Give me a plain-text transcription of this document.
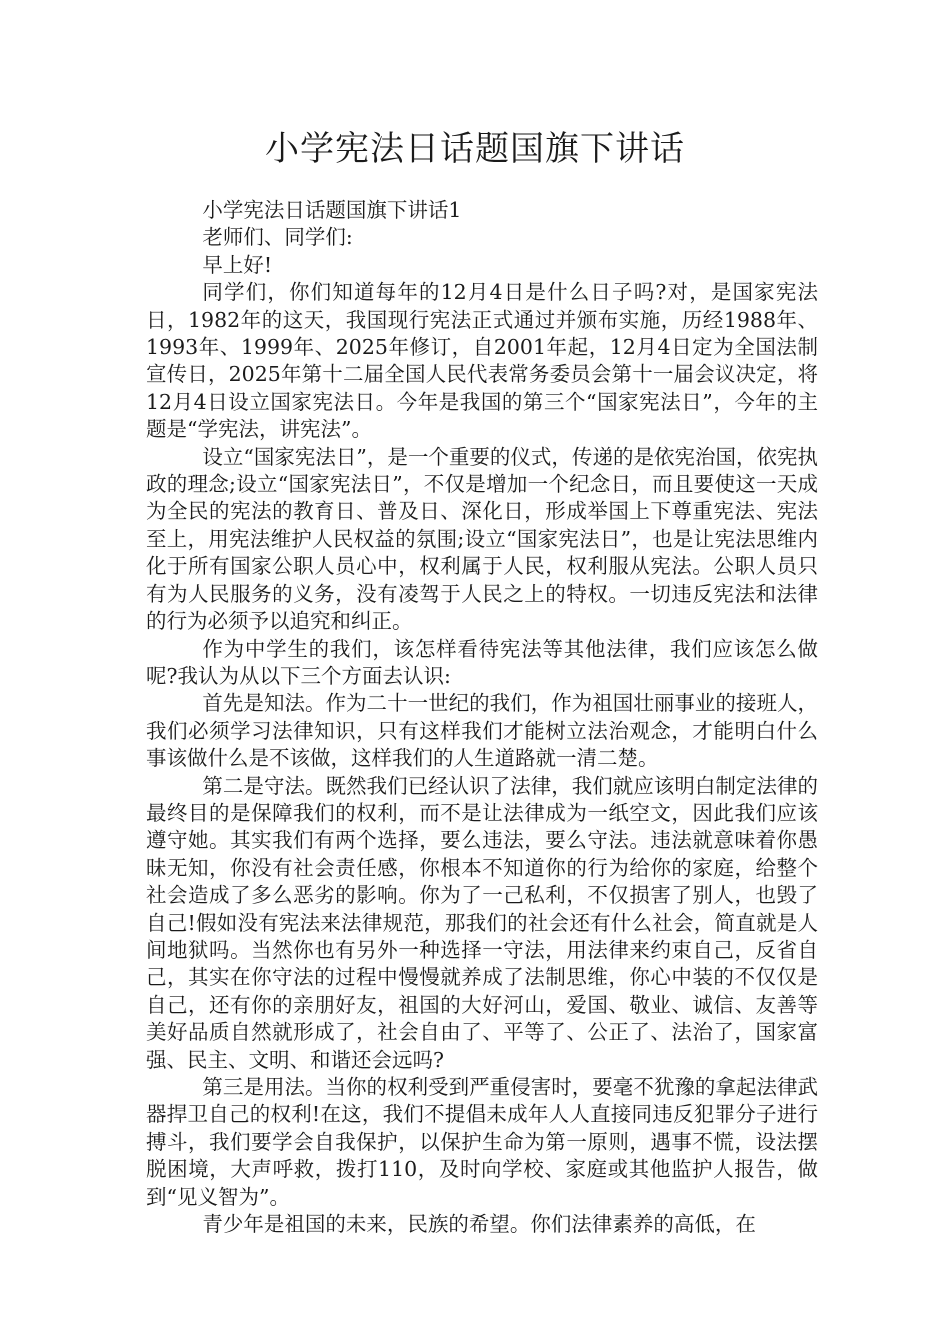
小学宪法日话题国旗下讲话

小学宪法日话题国旗下讲话1

老师们、同学们:

早上好!

同学们，你们知道每年的12月4日是什么日子吗?对，是国家宪法日，1982年的这天，我国现行宪法正式通过并颁布实施，历经1988年、1993年、1999年、2025年修订，自2001年起，12月4日定为全国法制宣传日，2025年第十二届全国人民代表常务委员会第十一届会议决定，将12月4日设立国家宪法日。今年是我国的第三个“国家宪法日”，今年的主题是“学宪法，讲宪法”。

设立“国家宪法日”，是一个重要的仪式，传递的是依宪治国，依宪执政的理念;设立“国家宪法日”，不仅是增加一个纪念日，而且要使这一天成为全民的宪法的教育日、普及日、深化日，形成举国上下尊重宪法、宪法至上，用宪法维护人民权益的氛围;设立“国家宪法日”，也是让宪法思维内化于所有国家公职人员心中，权利属于人民，权利服从宪法。公职人员只有为人民服务的义务，没有凌驾于人民之上的特权。一切违反宪法和法律的行为必须予以追究和纠正。

作为中学生的我们，该怎样看待宪法等其他法律，我们应该怎么做呢?我认为从以下三个方面去认识:

首先是知法。作为二十一世纪的我们，作为祖国壮丽事业的接班人，我们必须学习法律知识，只有这样我们才能树立法治观念，才能明白什么事该做什么是不该做，这样我们的人生道路就一清二楚。

第二是守法。既然我们已经认识了法律，我们就应该明白制定法律的最终目的是保障我们的权利，而不是让法律成为一纸空文，因此我们应该遵守她。其实我们有两个选择，要么违法，要么守法。违法就意味着你愚昧无知，你没有社会责任感，你根本不知道你的行为给你的家庭，给整个社会造成了多么恶劣的影响。你为了一己私利，不仅损害了别人，也毁了自己!假如没有宪法来法律规范，那我们的社会还有什么社会，简直就是人间地狱吗。当然你也有另外一种选择一守法，用法律来约束自己，反省自己，其实在你守法的过程中慢慢就养成了法制思维，你心中装的不仅仅是自己，还有你的亲朋好友，祖国的大好河山，爱国、敬业、诚信、友善等美好品质自然就形成了，社会自由了、平等了、公正了、法治了，国家富强、民主、文明、和谐还会远吗?

第三是用法。当你的权利受到严重侵害时，要毫不犹豫的拿起法律武器捍卫自己的权利!在这，我们不提倡未成年人人直接同违反犯罪分子进行搏斗，我们要学会自我保护，以保护生命为第一原则，遇事不慌，设法摆脱困境，大声呼救，拨打110，及时向学校、家庭或其他监护人报告，做到“见义智为”。

青少年是祖国的未来，民族的希望。你们法律素养的高低，在
